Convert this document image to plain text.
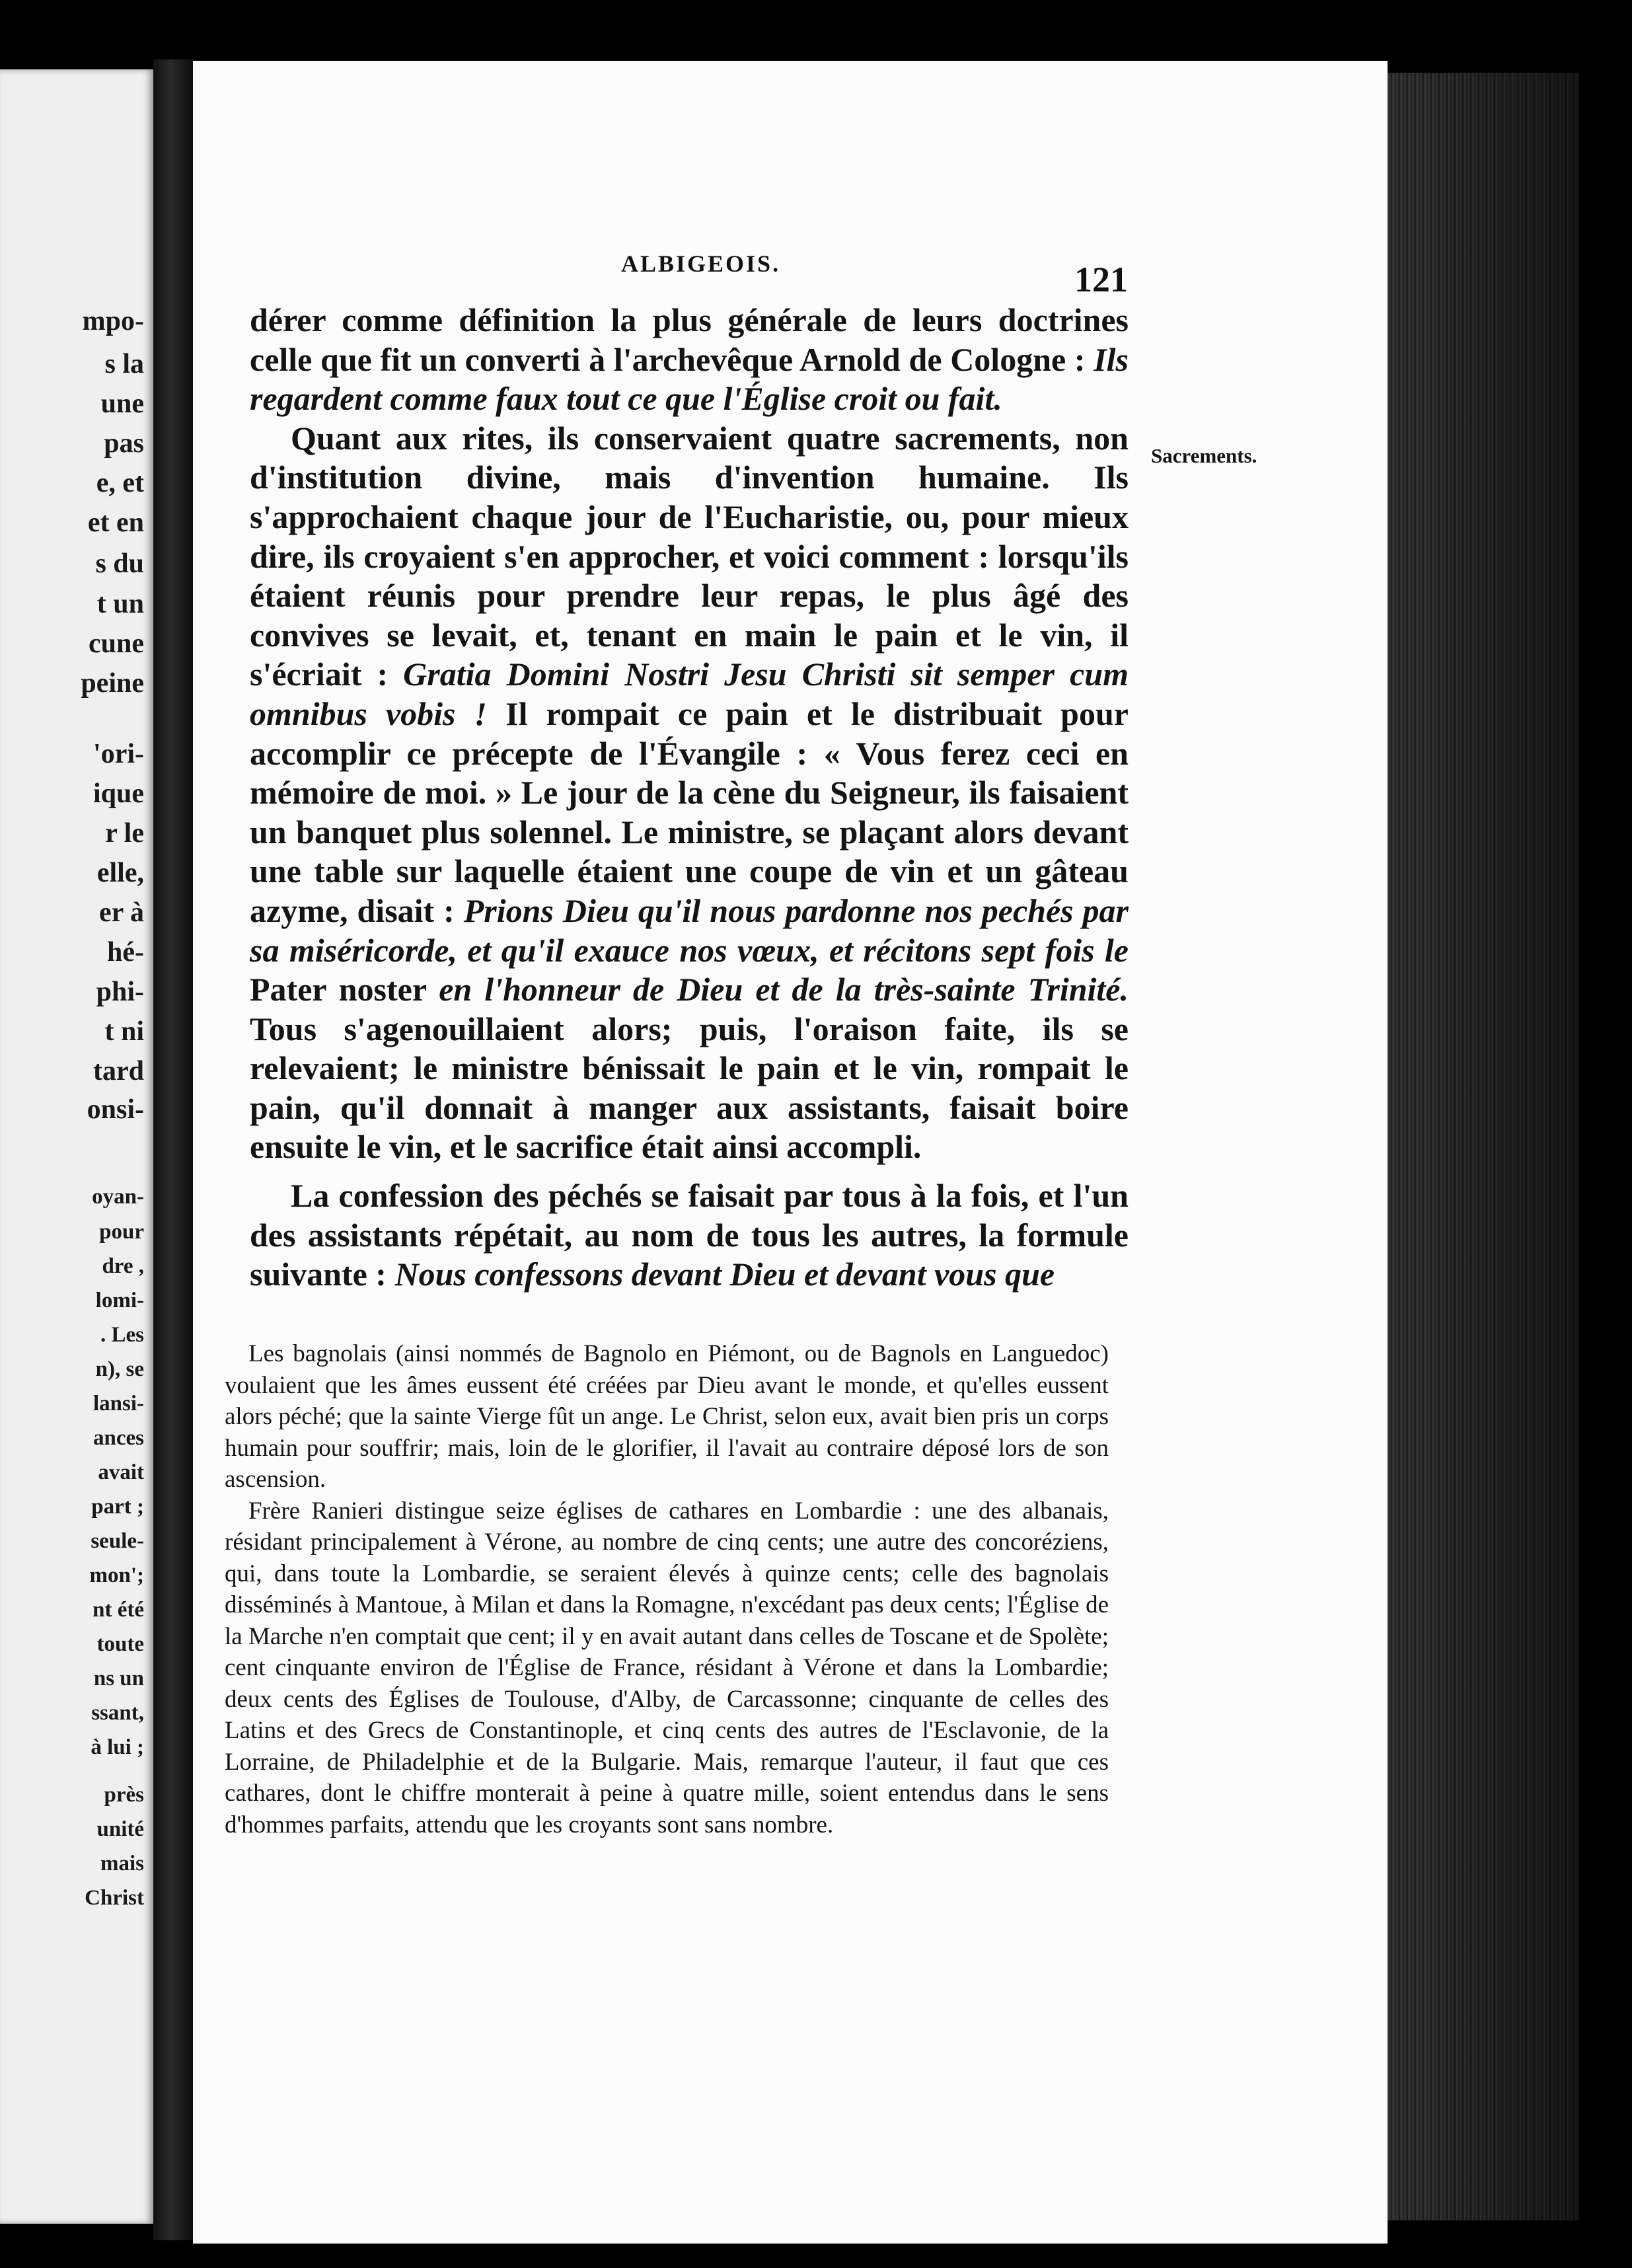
mpo-
s la
une
pas
e, et
et en
s du
t un
cune
peine
'ori-
ique
r le
elle,
er à
hé-
phi-
t ni
tard
onsi-
oyan-
pour
dre ,
lomi-
. Les
n), se
lansi-
ances
avait
part ;
seule-
mon';
nt été
toute
ns un
ssant,
à lui ;
près
unité
mais
Christ
ALBIGEOIS.	121
Sacrements.

dérer comme définition la plus générale de leurs doctrines celle que fit un converti à l'archevêque Arnold de Cologne : Ils regardent comme faux tout ce que l'Église croit ou fait.

Quant aux rites, ils conservaient quatre sacrements, non d'institution divine, mais d'invention humaine. Ils s'approchaient chaque jour de l'Eucharistie, ou, pour mieux dire, ils croyaient s'en approcher, et voici comment : lorsqu'ils étaient réunis pour prendre leur repas, le plus âgé des convives se levait, et, tenant en main le pain et le vin, il s'écriait : Gratia Domini Nostri Jesu Christi sit semper cum omnibus vobis ! Il rompait ce pain et le distribuait pour accomplir ce précepte de l'Évangile : « Vous ferez ceci en mémoire de moi. » Le jour de la cène du Seigneur, ils faisaient un banquet plus solennel. Le ministre, se plaçant alors devant une table sur laquelle étaient une coupe de vin et un gâteau azyme, disait : Prions Dieu qu'il nous pardonne nos pechés par sa miséricorde, et qu'il exauce nos vœux, et récitons sept fois le Pater noster en l'honneur de Dieu et de la très-sainte Trinité. Tous s'agenouillaient alors; puis, l'oraison faite, ils se relevaient; le ministre bénissait le pain et le vin, rompait le pain, qu'il donnait à manger aux assistants, faisait boire ensuite le vin, et le sacrifice était ainsi accompli.

La confession des péchés se faisait par tous à la fois, et l'un des assistants répétait, au nom de tous les autres, la formule suivante : Nous confessons devant Dieu et devant vous que

Les bagnolais (ainsi nommés de Bagnolo en Piémont, ou de Bagnols en Languedoc) voulaient que les âmes eussent été créées par Dieu avant le monde, et qu'elles eussent alors péché; que la sainte Vierge fût un ange. Le Christ, selon eux, avait bien pris un corps humain pour souffrir; mais, loin de le glorifier, il l'avait au contraire déposé lors de son ascension.

Frère Ranieri distingue seize églises de cathares en Lombardie : une des albanais, résidant principalement à Vérone, au nombre de cinq cents; une autre des concoréziens, qui, dans toute la Lombardie, se seraient élevés à quinze cents; celle des bagnolais disséminés à Mantoue, à Milan et dans la Romagne, n'excédant pas deux cents; l'Église de la Marche n'en comptait que cent; il y en avait autant dans celles de Toscane et de Spolète; cent cinquante environ de l'Église de France, résidant à Vérone et dans la Lombardie; deux cents des Églises de Toulouse, d'Alby, de Carcassonne; cinquante de celles des Latins et des Grecs de Constantinople, et cinq cents des autres de l'Esclavonie, de la Lorraine, de Philadelphie et de la Bulgarie. Mais, remarque l'auteur, il faut que ces cathares, dont le chiffre monterait à peine à quatre mille, soient entendus dans le sens d'hommes parfaits, attendu que les croyants sont sans nombre.
